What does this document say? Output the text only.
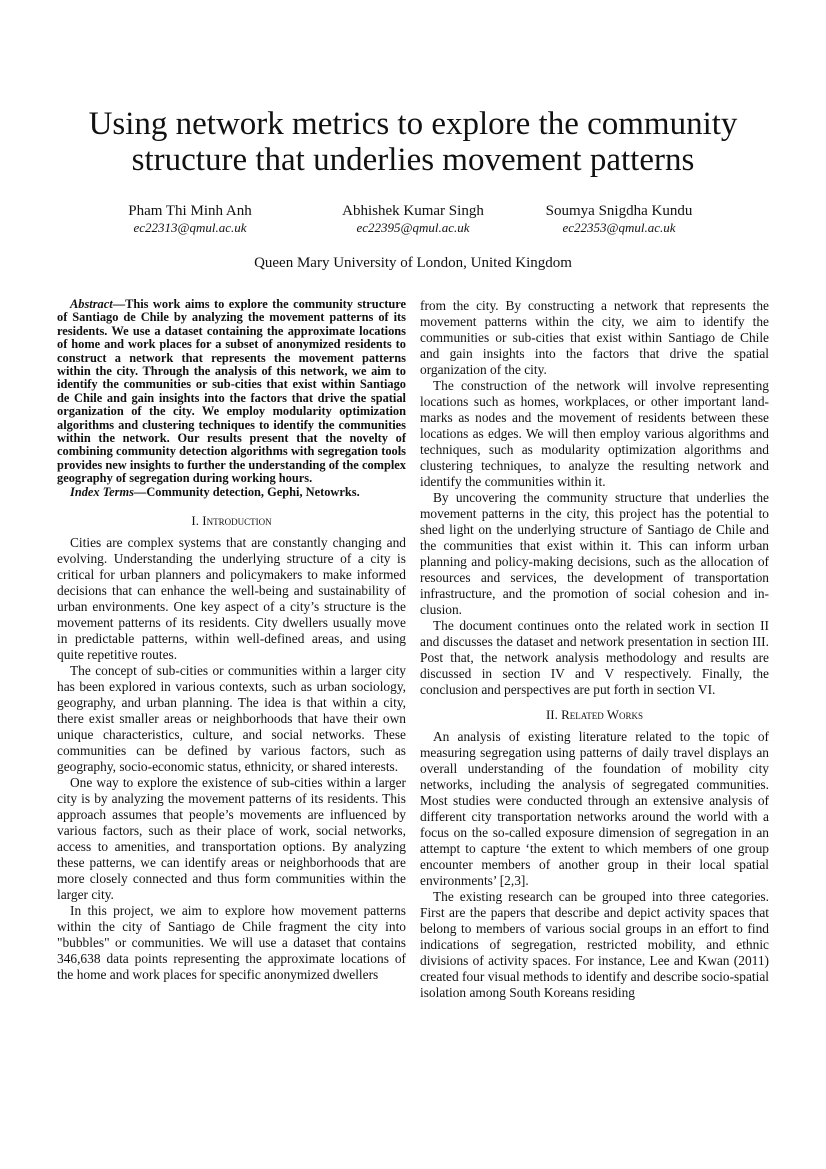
Using network metrics to explore the community
structure that underlies movement patterns
Pham Thi Minh Anh
ec22313@qmul.ac.uk
Abhishek Kumar Singh
ec22395@qmul.ac.uk
Soumya Snigdha Kundu
ec22353@qmul.ac.uk
Queen Mary University of London, United Kingdom

Abstract—This work aims to explore the community structure of Santiago de Chile by analyzing the movement patterns of its residents. We use a dataset containing the approximate locations of home and work places for a subset of anonymized residents to construct a network that represents the movement patterns within the city. Through the analysis of this network, we aim to identify the communities or sub-cities that exist within Santiago de Chile and gain insights into the factors that drive the spatial organization of the city. We employ modularity optimization algorithms and clustering techniques to identify the communities within the network. Our results present that the novelty of combining community detection algorithms with segregation tools provides new insights to further the understanding of the complex geography of segregation during working hours.

Index Terms—Community detection, Gephi, Netowrks.

I. Introduction

Cities are complex systems that are constantly changing and evolving. Understanding the underlying structure of a city is critical for urban planners and policymakers to make informed decisions that can enhance the well-being and sustainability of urban environments. One key aspect of a city’s structure is the movement patterns of its residents. City dwellers usually move in predictable patterns, within well-defined areas, and using quite repetitive routes.

The concept of sub-cities or communities within a larger city has been explored in various contexts, such as urban sociology, geography, and urban planning. The idea is that within a city, there exist smaller areas or neighborhoods that have their own unique characteristics, culture, and social networks. These communities can be defined by various factors, such as geography, socio-economic status, ethnicity, or shared interests.

One way to explore the existence of sub-cities within a larger city is by analyzing the movement patterns of its residents. This approach assumes that people’s movements are influenced by various factors, such as their place of work, social networks, access to amenities, and transportation options. By analyzing these patterns, we can identify areas or neighborhoods that are more closely connected and thus form communities within the larger city.

In this project, we aim to explore how movement patterns within the city of Santiago de Chile fragment the city into "bubbles" or communities. We will use a dataset that contains 346,638 data points representing the approximate locations of the home and work places for specific anonymized dwellers

from the city. By constructing a network that represents the movement patterns within the city, we aim to identify the communities or sub-cities that exist within Santiago de Chile and gain insights into the factors that drive the spatial organization of the city.

The construction of the network will involve representing locations such as homes, workplaces, or other important landmarks as nodes and the movement of residents between these locations as edges. We will then employ various algorithms and techniques, such as modularity optimization algorithms and clustering techniques, to analyze the resulting network and identify the communities within it.

By uncovering the community structure that underlies the movement patterns in the city, this project has the potential to shed light on the underlying structure of Santiago de Chile and the communities that exist within it. This can inform urban planning and policy-making decisions, such as the allocation of resources and services, the development of transportation infrastructure, and the promotion of social cohesion and inclusion.

The document continues onto the related work in section II and discusses the dataset and network presentation in section III. Post that, the network analysis methodology and results are discussed in section IV and V respectively. Finally, the conclusion and perspectives are put forth in section VI.

II. Related Works

An analysis of existing literature related to the topic of measuring segregation using patterns of daily travel displays an overall understanding of the foundation of mobility city networks, including the analysis of segregated communities. Most studies were conducted through an extensive analysis of different city transportation networks around the world with a focus on the so-called exposure dimension of segregation in an attempt to capture ‘the extent to which members of one group encounter members of another group in their local spatial environments’ [2,3].

The existing research can be grouped into three categories. First are the papers that describe and depict activity spaces that belong to members of various social groups in an effort to find indications of segregation, restricted mobility, and ethnic divisions of activity spaces. For instance, Lee and Kwan (2011) created four visual methods to identify and describe socio-spatial isolation among South Koreans residing
